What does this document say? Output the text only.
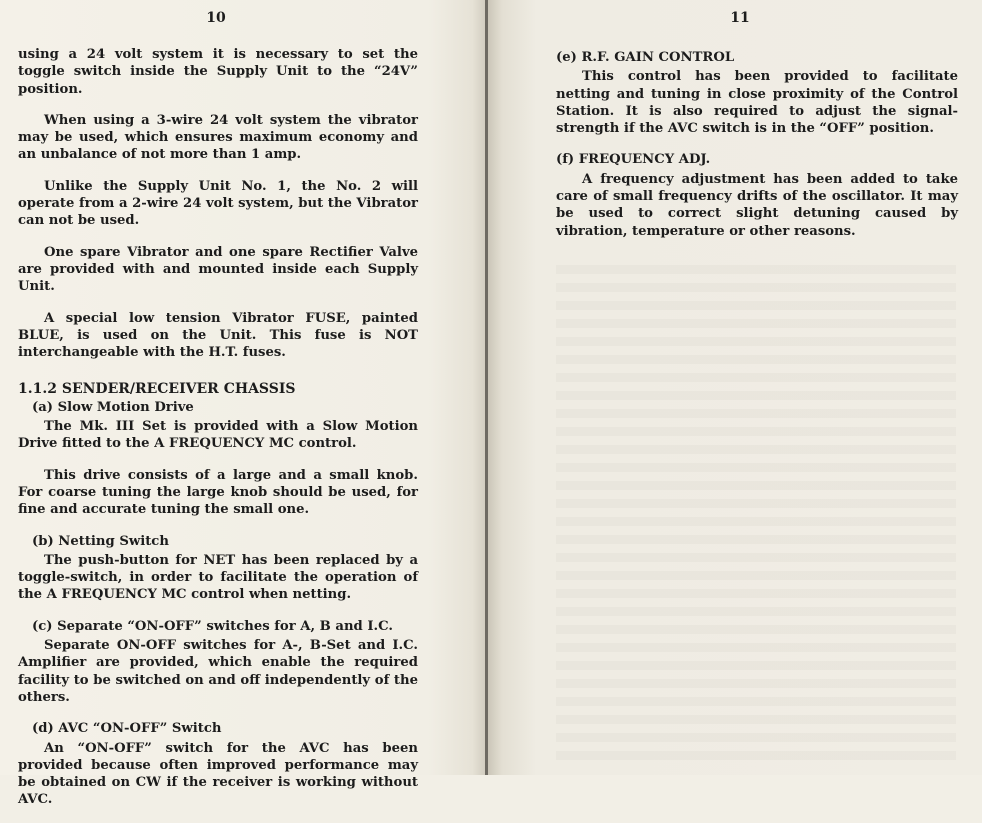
10

using a 24 volt system it is necessary to set the toggle switch inside the Supply Unit to the “24V” position.

When using a 3-wire 24 volt system the vibrator may be used, which ensures maximum economy and an unbalance of not more than 1 amp.

Unlike the Supply Unit No. 1, the No. 2 will operate from a 2-wire 24 volt system, but the Vibrator can not be used.

One spare Vibrator and one spare Rectifier Valve are provided with and mounted inside each Supply Unit.

A special low tension Vibrator FUSE, painted BLUE, is used on the Unit. This fuse is NOT interchangeable with the H.T. fuses.

1.1.2 SENDER/RECEIVER CHASSIS

(a) Slow Motion Drive

The Mk. III Set is provided with a Slow Motion Drive fitted to the A FREQUENCY MC control.

This drive consists of a large and a small knob. For coarse tuning the large knob should be used, for fine and accurate tuning the small one.

(b) Netting Switch

The push-button for NET has been replaced by a toggle-switch, in order to facilitate the operation of the A FREQUENCY MC control when netting.

(c) Separate “ON-OFF” switches for A, B and I.C.

Separate ON-OFF switches for A-, B-Set and I.C. Amplifier are provided, which enable the required facility to be switched on and off independently of the others.

(d) AVC “ON-OFF” Switch

An “ON-OFF” switch for the AVC has been provided because often improved performance may be obtained on CW if the receiver is working without AVC.

11

(e) R.F. GAIN CONTROL

This control has been provided to facilitate netting and tuning in close proximity of the Control Station. It is also required to adjust the signal-strength if the AVC switch is in the “OFF” position.

(f) FREQUENCY ADJ.

A frequency adjustment has been added to take care of small frequency drifts of the oscillator. It may be used to correct slight detuning caused by vibration, temperature or other reasons.
